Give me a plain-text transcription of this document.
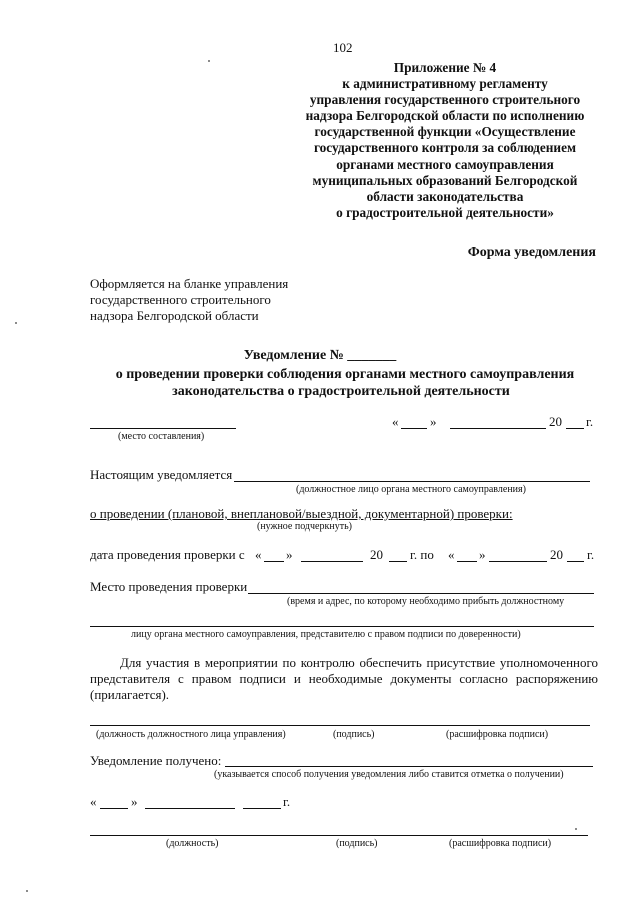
102
Приложение № 4
к административному регламенту
управления государственного строительного
надзора Белгородской области по исполнению
государственной функции «Осуществление
государственного контроля за соблюдением
органами местного самоуправления
муниципальных образований Белгородской
области законодательства
о градостроительной деятельности»
Форма уведомления
Оформляется на бланке управления
государственного строительного
надзора Белгородской области
Уведомление № _______
о проведении проверки соблюдения органами местного самоуправления
законодательства о градостроительной деятельности
(место составления)
« »	20 г.
Настоящим уведомляется
(должностное лицо органа местного самоуправления)
о проведении (плановой, внеплановой/выездной, документарной) проверки:
(нужное подчеркнуть)
дата проведения проверки с « »	20 г. по « »	20 г.
Место проведения проверки
(время и адрес, по которому необходимо прибыть должностному
лицу органа местного самоуправления, представителю с правом подписи по доверенности)
Для участия в мероприятии по контролю обеспечить присутствие уполномоченного представителя с правом подписи и необходимые документы согласно распоряжению (прилагается).
(должность должностного лица управления)	(подпись)	(расшифровка подписи)
Уведомление получено:
(указывается способ получения уведомления либо ставится отметка о получении)
«	»	г.
(должность)	(подпись)	(расшифровка подписи)
